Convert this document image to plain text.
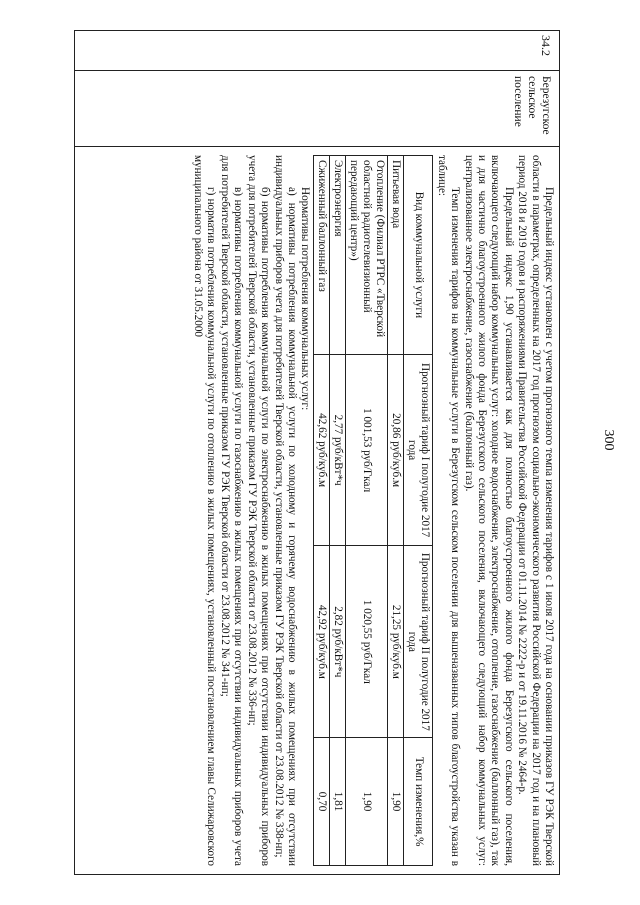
300
34.2
Березугское сельское поселение

Предельный индекс установлен с учетом прогнозного темпа изменения тарифов с 1 июля 2017 года на основании приказов ГУ РЭК Тверской области в параметрах, определенных на 2017 год прогнозом социально-экономического развития Российской Федерации на 2017 год и на плановый период 2018 и 2019 годов и распоряжениями Правительства Российской Федерации от 01.11.2014 № 2222-р и от 19.11.2016 № 2464-р.

Предельный индекс 1,90 устанавливается как для полностью благоустроенного жилого фонда Березугского сельского поселения, включающего следующий набор коммунальных услуг: холодное водоснабжение, электроснабжение, отопление, газоснабжение (баллонный газ), так и для частично благоустроенного жилого фонда Березугского сельского поселения, включающего следующий набор коммунальных услуг: централизованное электроснабжение, газоснабжение (баллонный газ).

Темп изменения тарифов на коммунальные услуги в Березугском сельском поселении для вышеназванных типов благоустройства указан в таблице:

Вид коммунальной услуги	Прогнозный тариф I полугодие 2017 года	Прогнозный тариф II полугодие 2017 года	Темп изменения,%
Питьевая вода	20,86 руб/куб.м	21,25 руб/куб.м	1,90
Отопление (Филиал РТРС «Тверской областной радиотелевизионный передающий центр»)	1 001,53 руб/Гкал	1 020,55 руб/Гкал	1,90
Электроэнергия	2,77 руб/кВт*ч	2,82 руб/кВт*ч	1,81
Сжиженный баллонный газ	42,62 руб/куб.м	42,92 руб/куб.м	0,70

Нормативы потребления коммунальных услуг:

а) нормативы потребления коммунальной услуги по холодному и горячему водоснабжению в жилых помещениях при отсутствии индивидуальных приборов учета для потребителей Тверской области, установленные приказом ГУ РЭК Тверской области от 23.08.2012 № 338-нп;

б) нормативы потребления коммунальной услуги по электроснабжению в жилых помещениях при отсутствии индивидуальных приборов учета для потребителей Тверской области, установленные приказом ГУ РЭК Тверской области от 23.08.2012 № 336-нп;

в) нормативы потребления коммунальной услуги по газоснабжению в жилых помещениях при отсутствии индивидуальных приборов учета для потребителей Тверской области, установленные приказом ГУ РЭК Тверской области от 23.08.2012 № 341-нп;

г) норматив потребления коммунальной услуги по отоплению в жилых помещениях, установленный постановлением главы Селижаровского муниципального района от 31.05.2000
